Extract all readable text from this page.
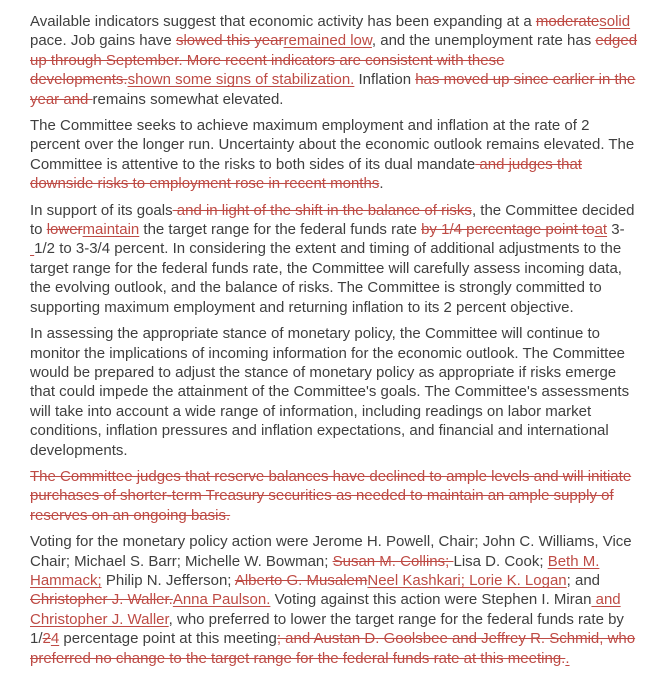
Available indicators suggest that economic activity has been expanding at a moderatesolid pace. Job gains have slowed this yearremained low, and the unemployment rate has edged up through September. More recent indicators are consistent with these developments.shown some signs of stabilization. Inflation has moved up since earlier in the year and remains somewhat elevated.

The Committee seeks to achieve maximum employment and inflation at the rate of 2 percent over the longer run. Uncertainty about the economic outlook remains elevated. The Committee is attentive to the risks to both sides of its dual mandate and judges that downside risks to employment rose in recent months.

In support of its goals and in light of the shift in the balance of risks, the Committee decided to lowermaintain the target range for the federal funds rate by 1/4 percentage point toat 3- 1/2 to 3-3/4 percent. In considering the extent and timing of additional adjustments to the target range for the federal funds rate, the Committee will carefully assess incoming data, the evolving outlook, and the balance of risks. The Committee is strongly committed to supporting maximum employment and returning inflation to its 2 percent objective.

In assessing the appropriate stance of monetary policy, the Committee will continue to monitor the implications of incoming information for the economic outlook. The Committee would be prepared to adjust the stance of monetary policy as appropriate if risks emerge that could impede the attainment of the Committee's goals. The Committee's assessments will take into account a wide range of information, including readings on labor market conditions, inflation pressures and inflation expectations, and financial and international developments.

The Committee judges that reserve balances have declined to ample levels and will initiate purchases of shorter-term Treasury securities as needed to maintain an ample supply of reserves on an ongoing basis.

Voting for the monetary policy action were Jerome H. Powell, Chair; John C. Williams, Vice Chair; Michael S. Barr; Michelle W. Bowman; Susan M. Collins; Lisa D. Cook; Beth M. Hammack; Philip N. Jefferson; Alberto G. MusalemNeel Kashkari; Lorie K. Logan; and Christopher J. Waller.Anna Paulson. Voting against this action were Stephen I. Miran and Christopher J. Waller, who preferred to lower the target range for the federal funds rate by 1/24 percentage point at this meeting; and Austan D. Goolsbee and Jeffrey R. Schmid, who preferred no change to the target range for the federal funds rate at this meeting..
